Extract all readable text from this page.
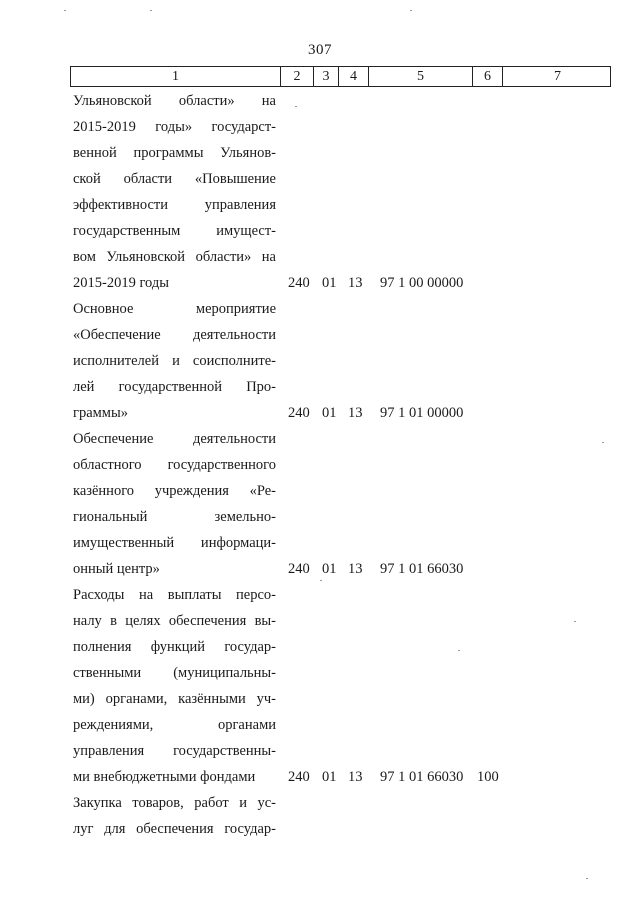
307
1	2	3	4	5	6	7
Ульяновской области» на
2015-2019 годы» государст-
венной программы Ульянов-
ской области «Повышение
эффективности управления
государственным имущест-
вом Ульяновской области» на
2015-2019 годы	240 01 13 97 1 00 00000
Основное мероприятие
«Обеспечение деятельности
исполнителей и соисполните-
лей государственной Про-
граммы»	240 01 13 97 1 01 00000
Обеспечение деятельности
областного государственного
казённого учреждения «Ре-
гиональный земельно-
имущественный информаци-
онный центр»	240 01 13 97 1 01 66030
Расходы на выплаты персо-
налу в целях обеспечения вы-
полнения функций государ-
ственными (муниципальны-
ми) органами, казёнными уч-
реждениями, органами
управления государственны-
ми внебюджетными фондами	240 01 13 97 1 01 66030 100
Закупка товаров, работ и ус-
луг для обеспечения государ-
